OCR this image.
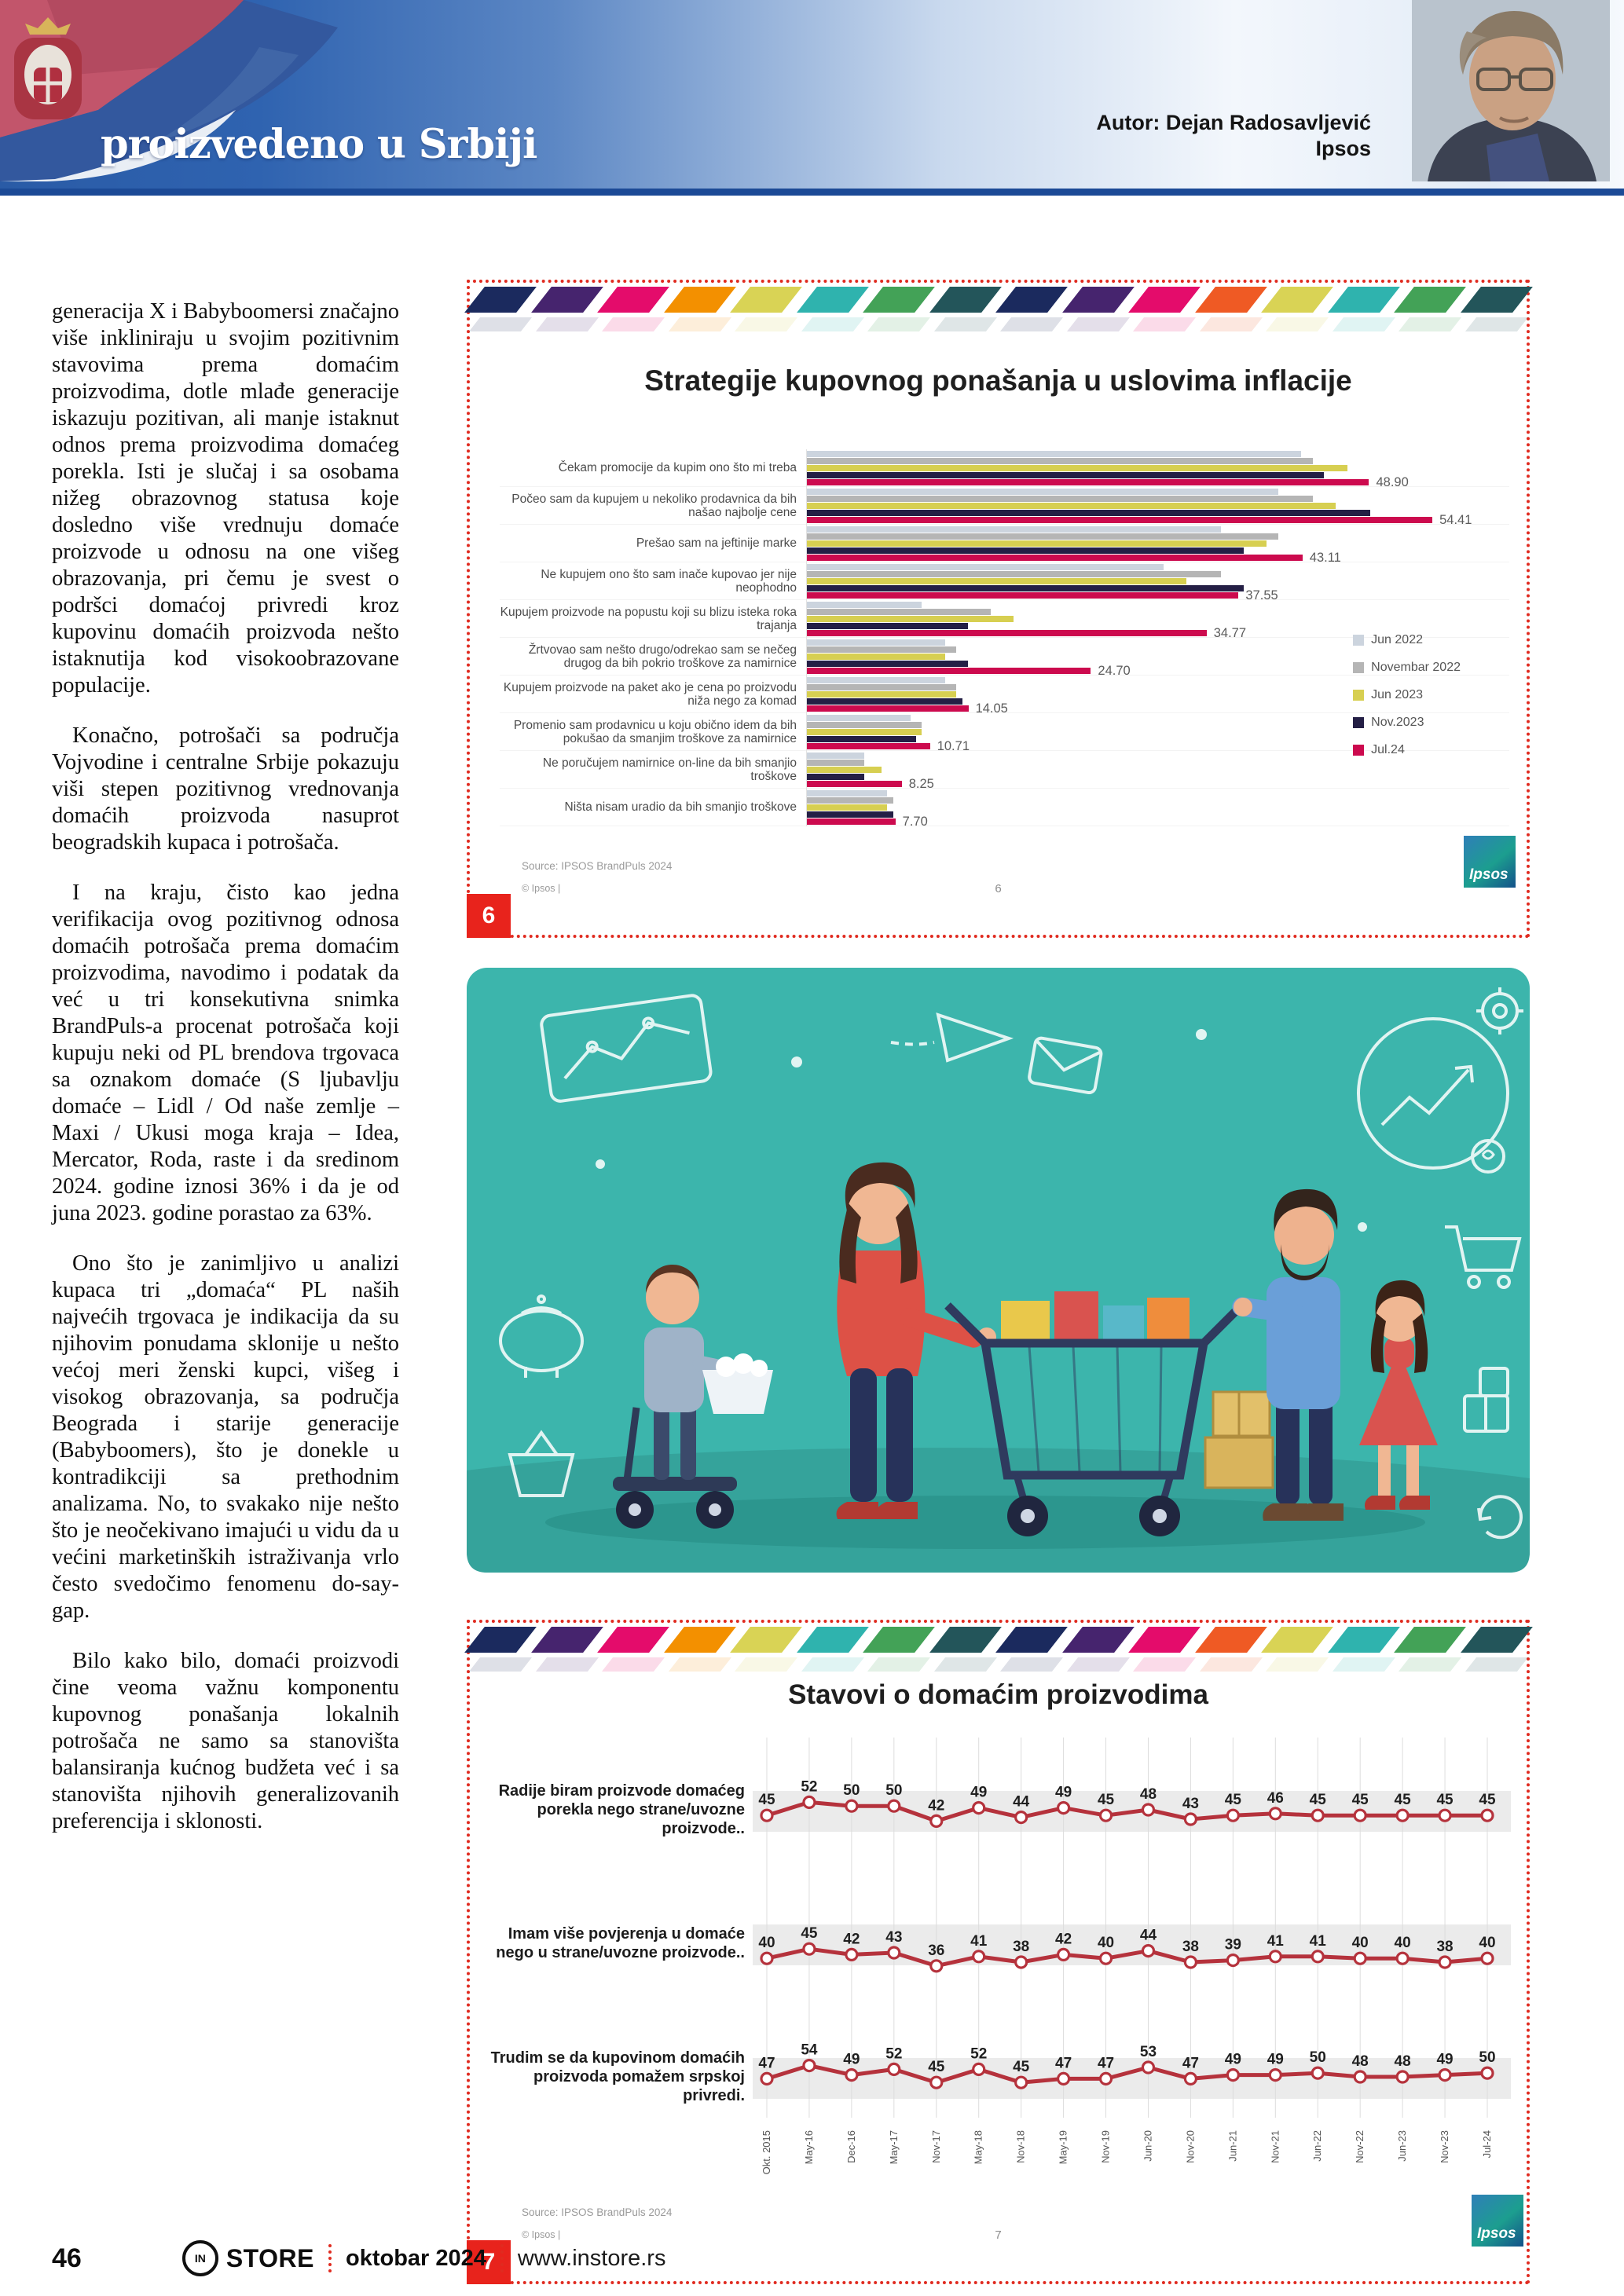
proizvedeno u Srbiji	Autor: Dejan Radosavljević
Ipsos

generacija X i Babyboomersi značajno više inkliniraju u svojim pozitivnim stavovima prema domaćim proizvodima, dotle mlađe generacije iskazuju pozitivan, ali manje istaknut odnos prema proizvodima domaćeg porekla. Isti je slučaj i sa osobama nižeg obrazovnog statusa koje dosledno više vrednuju domaće proizvode u odnosu na one višeg obrazovanja, pri čemu je svest o podršci domaćoj privredi kroz kupovinu domaćih proizvoda nešto istaknutija kod visokoobrazovane populacije.

Konačno, potrošači sa područja Vojvodine i centralne Srbije pokazuju viši stepen pozitivnog vrednovanja domaćih proizvoda nasuprot beogradskih kupaca i potrošača.

I na kraju, čisto kao jedna verifikacija ovog pozitivnog odnosa domaćih potrošača prema domaćim proizvodima, navodimo i podatak da već u tri konsekutivna snimka BrandPuls-a procenat potrošača koji kupuju neki od PL brendova trgovaca sa oznakom domaće (S ljubavlju domaće – Lidl / Od naše zemlje – Maxi / Ukusi moga kraja – Idea, Mercator, Roda, raste i da sredinom 2024. godine iznosi 36% i da je od juna 2023. godine porastao za 63%.

Ono što je zanimljivo u analizi kupaca tri „domaća“ PL naših najvećih trgovaca je indikacija da su njihovim ponudama sklonije u nešto većoj meri ženski kupci, višeg i visokog obrazovanja, sa područja Beograda i starije generacije (Babyboomers), što je donekle u kontradikciji sa prethodnim analizama. No, to svakako nije nešto što je neočekivano imajući u vidu da u većini marketinških istraživanja vrlo često svedočimo fenomenu do-say-gap.

Bilo kako bilo, domaći proizvodi čine veoma važnu komponentu kupovnog ponašanja lokalnih potrošača ne samo sa stanovišta balansiranja kućnog budžeta već i sa stanovišta njihovih generalizovanih preferencija i sklonosti.

Strategije kupovnog ponašanja u uslovima inflacije
Čekam promocije da kupim ono što mi treba
48.90
Počeo sam da kupujem u nekoliko prodavnica da bih našao najbolje cene
54.41
Prešao sam na jeftinije marke
43.11
Ne kupujem ono što sam inače kupovao jer nije neophodno
37.55
Kupujem proizvode na popustu koji su blizu isteka roka trajanja
34.77
Žrtvovao sam nešto drugo/odrekao sam se nečeg drugog da bih pokrio troškove za namirnice
24.70
Kupujem proizvode na paket ako je cena po proizvodu niža nego za komad
14.05
Promenio sam prodavnicu u koju obično idem da bih pokušao da smanjim troškove za namirnice
10.71
Ne poručujem namirnice on-line da bih smanjio troškove
8.25
Ništa nisam uradio da bih smanjio troškove
7.70
Jun 2022
Novembar 2022
Jun 2023
Nov.2023
Jul.24
Source: IPSOS BrandPuls 2024
© Ipsos |	6
Ipsos
6
Stavovi o domaćim proizvodima
Radije biram proizvode domaćeg porekla nego strane/uvozne proizvode..
Imam više povjerenja u domaće nego u strane/uvozne proizvode..
Trudim se da kupovinom domaćih proizvoda pomažem srpskoj privredi.
45
52 50 50
42
49
44
49 45 48
43 45 46 45 45 45 45 45
40
45 42 43
36
41 38 42 40 44
38 39 41 41 40 40 38 40
47
54
49 52
45
52
45 47 47
53
47 49 49 50 48 48 49 50
Okt. 2015	May-16	Dec-16	May-17	Nov-17	May-18	Nov-18	May-19	Nov-19	Jun-20	Nov-20	Jun-21	Nov-21	Jun-22	Nov-22	Jun-23	Nov-23	Jul-24
Source: IPSOS BrandPuls 2024
© Ipsos |	7	Ipsos
7
46	IN STORE oktobar 2024 www.instore.rs
